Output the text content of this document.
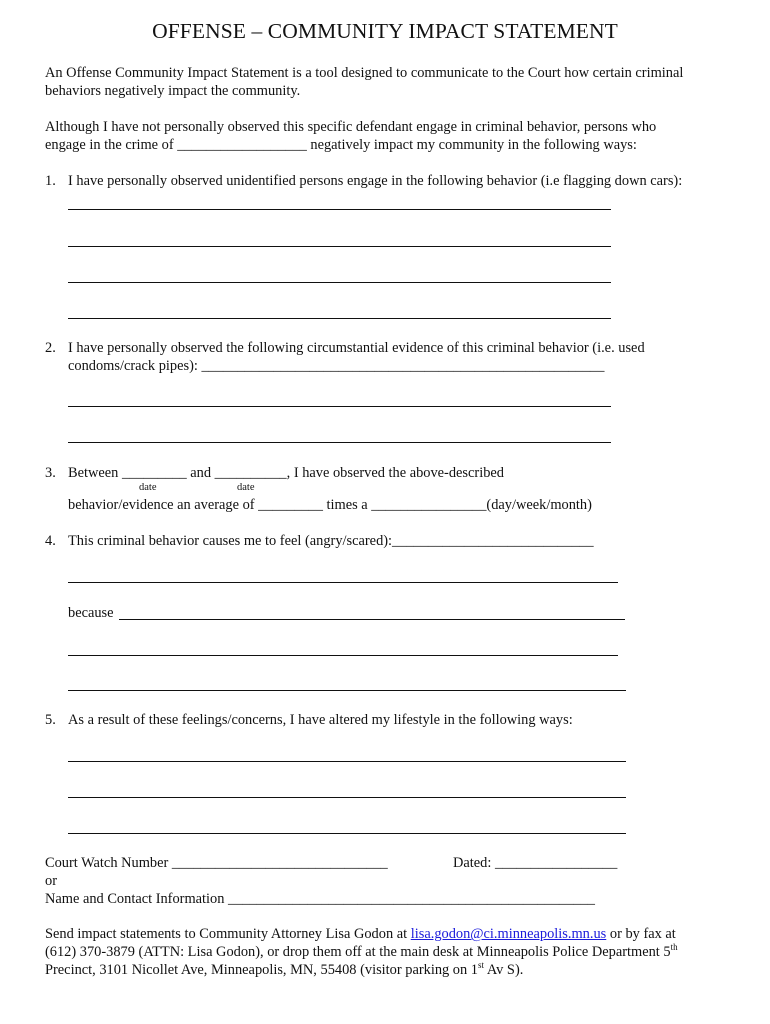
OFFENSE – COMMUNITY IMPACT STATEMENT
An Offense Community Impact Statement is a tool designed to communicate to the Court how certain criminal
behaviors negatively impact the community.
Although I have not personally observed this specific defendant engage in criminal behavior, persons who
engage in the crime of __________________ negatively impact my community in the following ways:
1. I have personally observed unidentified persons engage in the following behavior (i.e flagging down cars):
2. I have personally observed the following circumstantial evidence of this criminal behavior (i.e. used
condoms/crack pipes): ________________________________________________________
3. Between _________ and __________, I have observed the above-described
date	date
behavior/evidence an average of _________ times a ________________(day/week/month)
4. This criminal behavior causes me to feel (angry/scared):____________________________
because
5. As a result of these feelings/concerns, I have altered my lifestyle in the following ways:
Court Watch Number ______________________________	Dated: _________________
or
Name and Contact Information ___________________________________________________
Send impact statements to Community Attorney Lisa Godon at lisa.godon@ci.minneapolis.mn.us or by fax at
(612) 370-3879 (ATTN: Lisa Godon), or drop them off at the main desk at Minneapolis Police Department 5th
Precinct, 3101 Nicollet Ave, Minneapolis, MN, 55408 (visitor parking on 1st Av S).
